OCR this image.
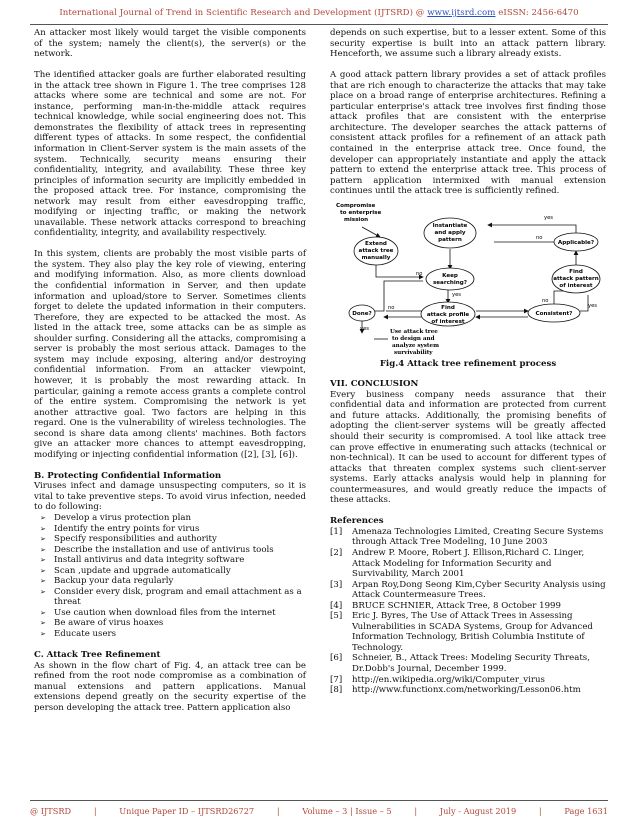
International Journal of Trend in Scientific Research and Development (IJTSRD) @ www.ijtsrd.com eISSN: 2456-6470

An attacker most likely would target the visible components of the system; namely the client(s), the server(s) or the network.

The identified attacker goals are further elaborated resulting in the attack tree shown in Figure 1. The tree comprises 128 attacks where some are technical and some are not. For instance, performing man-in-the-middle attack requires technical knowledge, while social engineering does not. This demonstrates the flexibility of attack trees in representing different types of attacks. In some respect, the confidential information in Client-Server system is the main assets of the system. Technically, security means ensuring their confidentiality, integrity, and availability. These three key principles of information security are implicitly embedded in the proposed attack tree. For instance, compromising the network may result from either eavesdropping traffic, modifying or injecting traffic, or making the network unavailable. These network attacks correspond to breaching confidentiality, integrity, and availability respectively.

In this system, clients are probably the most visible parts of the system. They also play the key role of viewing, entering and modifying information. Also, as more clients download the confidential information in Server, and then update information and upload/store to Server. Sometimes clients forget to delete the updated information in their computers. Therefore, they are expected to be attacked the most. As listed in the attack tree, some attacks can be as simple as shoulder surfing. Considering all the attacks, compromising a server is probably the most serious attack. Damages to the system may include exposing, altering and/or destroying confidential information. From an attacker viewpoint, however, it is probably the most rewarding attack. In particular, gaining a remote access grants a complete control of the entire system. Compromising the network is yet another attractive goal. Two factors are helping in this regard. One is the vulnerability of wireless technologies. The second is share data among clients' machines. Both factors give an attacker more chances to attempt eavesdropping, modifying or injecting confidential information ([2], [3], [6]).

B. Protecting Confidential Information

Viruses infect and damage unsuspecting computers, so it is vital to take preventive steps. To avoid virus infection, needed to do following:

➢ Develop a virus protection plan
➢ Identify the entry points for virus
➢ Specify responsibilities and authority
➢ Describe the installation and use of antivirus tools
➢ Install antivirus and data integrity software
➢ Scan ,update and upgrade automatically
➢ Backup your data regularly
➢ Consider every disk, program and email attachment as a threat
➢ Use caution when download files from the internet
➢ Be aware of virus hoaxes
➢ Educate users
C. Attack Tree Refinement

As shown in the flow chart of Fig. 4, an attack tree can be refined from the root node compromise as a combination of manual extensions and pattern applications. Manual extensions depend greatly on the security expertise of the person developing the attack tree. Pattern application also

depends on such expertise, but to a lesser extent. Some of this security expertise is built into an attack pattern library. Henceforth, we assume such a library already exists.

A good attack pattern library provides a set of attack profiles that are rich enough to characterize the attacks that may take place on a broad range of enterprise architectures. Refining a particular enterprise's attack tree involves first finding those attack profiles that are consistent with the enterprise architecture. The developer searches the attack patterns of consistent attack profiles for a refinement of an attack path contained in the enterprise attack tree. Once found, the developer can appropriately instantiate and apply the attack pattern to extend the enterprise attack tree. This process of pattern application intermixed with manual extension continues until the attack tree is sufficiently refined.

Compromise
to enterprise
mission
Extend
attack tree
manually
Instantiate
and apply
pattern	Applicable?
Keep
searching?
Find
attack pattern
of interest
Done?
Find
attack profile
of interest
Consistent?
Use attack tree
to design and
analyze system
survivability
yes
no
no
yes
yes
no
no
yes
Fig.4 Attack tree refinement process
VII. CONCLUSION

Every business company needs assurance that their confidential data and information are protected from current and future attacks. Additionally, the promising benefits of adopting the client-server systems will be greatly affected should their security is compromised. A tool like attack tree can prove effective in enumerating such attacks (technical or non-technical). It can be used to account for different types of attacks that threaten complex systems such client-server systems. Early attacks analysis would help in planning for countermeasures, and would greatly reduce the impacts of these attacks.

References
[1]	Amenaza Technologies Limited, Creating Secure Systems through Attack Tree Modeling, 10 June 2003
[2]	Andrew P. Moore, Robert J. Ellison,Richard C. Linger, Attack Modeling for Information Security and Survivability, March 2001
[3]	Arpan Roy,Dong Seong Kim,Cyber Security Analysis using Attack Countermeasure Trees.
[4]	BRUCE SCHNIER, Attack Tree, 8 October 1999
[5]	Eric J. Byres, The Use of Attack Trees in Assessing Vulnerabilities in SCADA Systems, Group for Advanced Information Technology, British Columbia Institute of Technology.
[6]	Schneier, B., Attack Trees: Modeling Security Threats, Dr.Dobb's Journal, December 1999.
[7]	http://en.wikipedia.org/wiki/Computer_virus
[8]	http://www.functionx.com/networking/Lesson06.htm
@ IJTSRD	|	Unique Paper ID – IJTSRD26727	|	Volume – 3 | Issue – 5	|	July - August 2019	|	Page 1631
